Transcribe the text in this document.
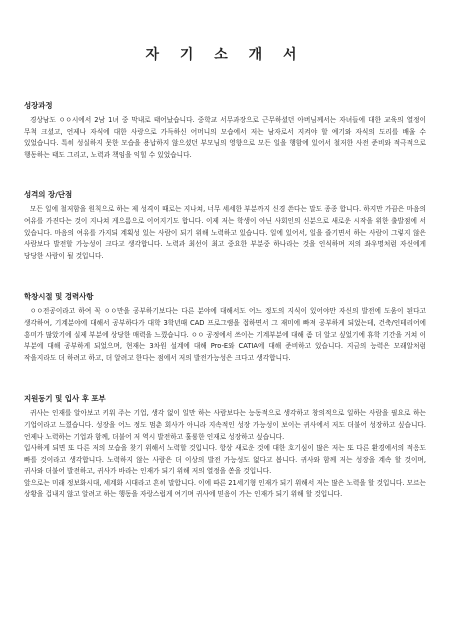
자 기 소 개 서
성장과정

경상남도 ㅇㅇ시에서 2남 1녀 중 막내로 태어났습니다. 중학교 서무과장으로 근무하셨던 아버님께서는 자녀들에 대한 교육의 열정이 무척 크셨고, 언제나 자식에 대한 사랑으로 가득하신 어머니의 모습에서 저는 남자로서 지켜야 할 예기와 자식의 도리를 배울 수 있었습니다. 특히 성실하지 못한 모습을 용납하지 않으셨던 부모님의 영향으로 모든 일을 행함에 있어서 철저한 사전 준비와 적극적으로 행동하는 태도 그리고, 노력과 책임을 익힐 수 있었습니다.

성격의 장/단점

모든 일에 철저함을 원칙으로 하는 제 성격이 때로는 지나쳐, 너무 세세한 부분까지 신경 쓴다는 말도 종종 합니다. 하지만 가끔은 마음의 여유를 가진다는 것이 지나쳐 게으름으로 이어지기도 합니다. 이제 저는 학생이 아닌 사회인의 신분으로 새로운 시작을 위한 출발점에 서 있습니다. 마음의 여유를 가지되 계획성 있는 사람이 되기 위해 노력하고 있습니다. 일에 있어서, 일을 즐기면서 하는 사람이 그렇지 않은 사람보다 발전할 가능성이 크다고 생각합니다. 노력과 최선이 최고 중요한 부분중 하나라는 것을 인식하며 저의 좌우명처럼 자신에게 당당한 사람이 될 것입니다.

학창시절 및 경력사항

ㅇㅇ전공이라고 하여 꼭 ㅇㅇ만을 공부하기보다는 다른 분야에 대해서도 어느 정도의 지식이 있어야만 자신의 발전에 도움이 된다고 생각하여, 기계분야에 대해서 공부하다가 대학 3학년때 CAD 프로그램을 접하면서 그 재미에 빠져 공부하게 되었는데, 건축/인테리어에 흥미가 많았기에 실제 부분에 상당한 매력을 느꼈습니다. ㅇㅇ 공정에서 쓰이는 기계부분에 대해 좀 더 알고 싶었기에 휴학 기간을 거쳐 이 부분에 대해 공부하게 되었으며, 현재는 3차원 설계에 대해 Pro-E와 CATIA에 대해 준비하고 있습니다. 지금의 능력은 모래알처럼 작을지라도 더 하려고 하고, 더 알려고 한다는 점에서 저의 발전가능성은 크다고 생각합니다.

지원동기 및 입사 후 포부

귀사는 인재를 알아보고 키워 주는 기업, 생각 없이 일만 하는 사람보다는 능동적으로 생각하고 창의적으로 일하는 사람을 필요로 하는 기업이라고 느꼈습니다. 성장을 어느 정도 멈춘 회사가 아니라 지속적인 성장 가능성이 보이는 귀사에서 저도 더불어 성장하고 싶습니다. 언제나 노력하는 기업과 함께, 더불어 저 역시 발전하고 훌륭한 인재로 성장하고 싶습니다.

입사하게 되면 또 다른 저의 모습을 찾기 위해서 노력할 것입니다. 항상 새로운 것에 대한 호기심이 많은 저는 또 다른 환경에서의 적응도 빠를 것이라고 생각합니다. 노력하지 않는 사람은 더 이상의 발전 가능성도 없다고 봅니다. 귀사와 함께 저는 성장을 계속 할 것이며, 귀사와 더불어 발전하고, 귀사가 바라는 인재가 되기 위해 저의 열정을 쏟을 것입니다.

앞으로는 미래 정보화시대, 세계화 시대라고 흔히 말합니다. 이에 따른 21세기형 인재가 되기 위해서 저는 많은 노력을 할 것입니다. 모르는 상황을 겁내지 않고 알려고 하는 행동을 자랑스럽게 여기며 귀사에 믿음이 가는 인재가 되기 위해 할 것입니다.
